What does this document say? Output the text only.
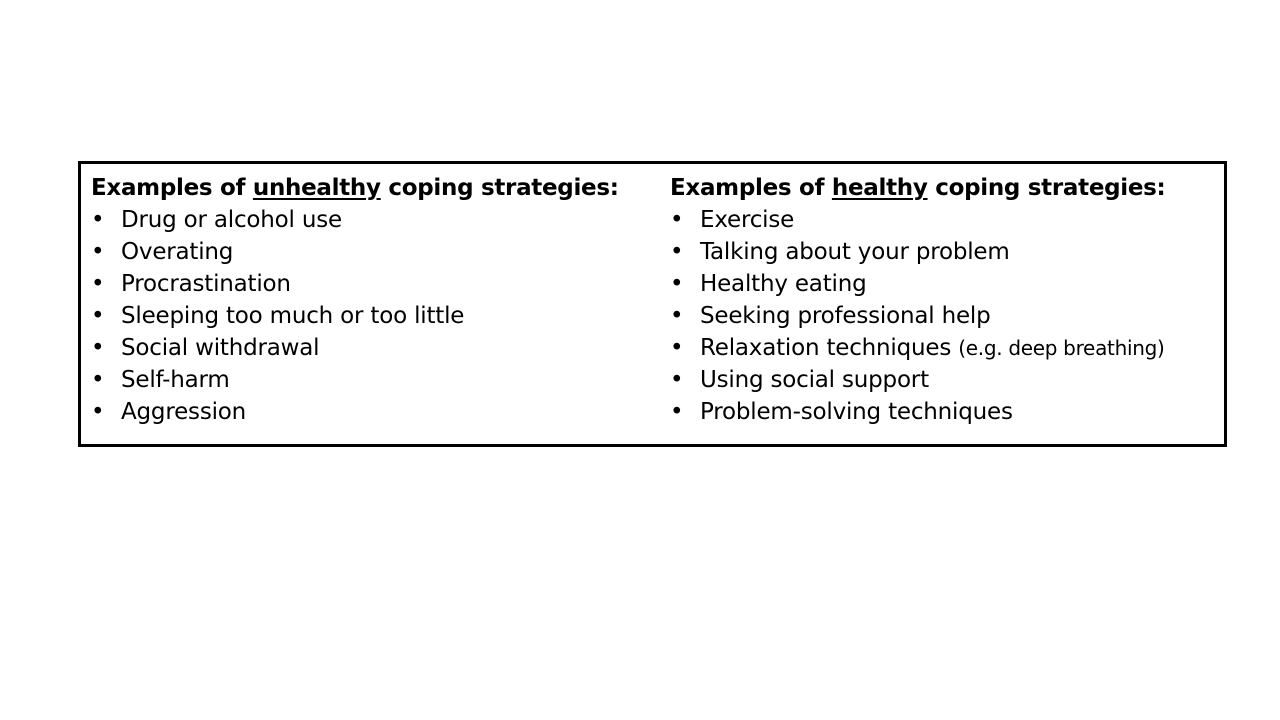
Examples of unhealthy coping strategies:
• Drug or alcohol use
• Overating
• Procrastination
• Sleeping too much or too little
• Social withdrawal
• Self-harm
• Aggression
Examples of healthy coping strategies:
• Exercise
• Talking about your problem
• Healthy eating
• Seeking professional help
• Relaxation techniques (e.g. deep breathing)
• Using social support
• Problem-solving techniques
